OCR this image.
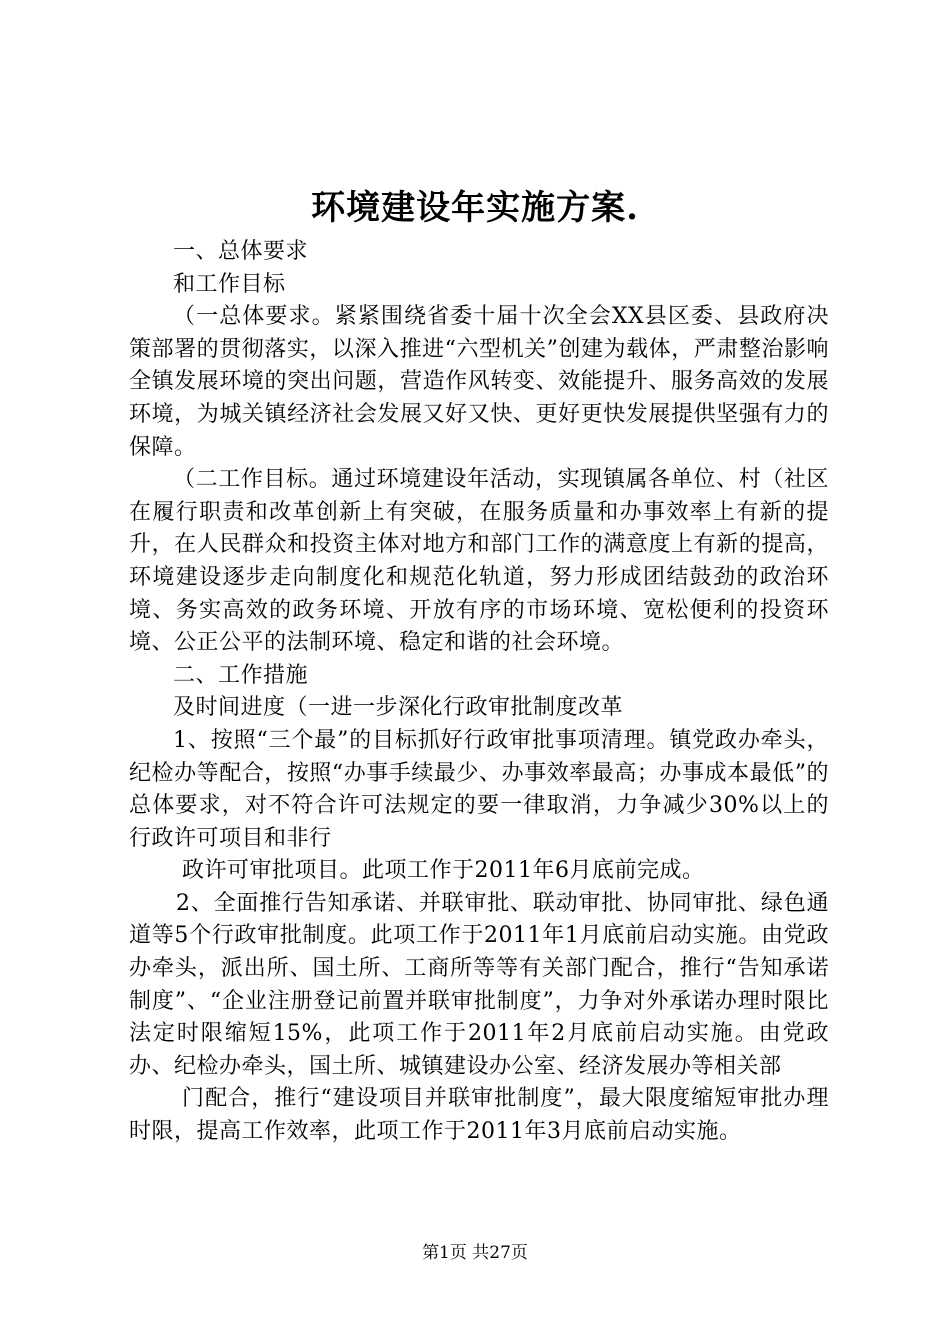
环境建设年实施方案.

一、总体要求

和工作目标

（一总体要求。紧紧围绕省委十届十次全会XX县区委、县政府决策部署的贯彻落实，以深入推进“六型机关”创建为载体，严肃整治影响全镇发展环境的突出问题，营造作风转变、效能提升、服务高效的发展环境，为城关镇经济社会发展又好又快、更好更快发展提供坚强有力的保障。

（二工作目标。通过环境建设年活动，实现镇属各单位、村（社区在履行职责和改革创新上有突破，在服务质量和办事效率上有新的提升，在人民群众和投资主体对地方和部门工作的满意度上有新的提高，环境建设逐步走向制度化和规范化轨道，努力形成团结鼓劲的政治环境、务实高效的政务环境、开放有序的市场环境、宽松便利的投资环境、公正公平的法制环境、稳定和谐的社会环境。

二、工作措施

及时间进度（一进一步深化行政审批制度改革

1、按照“三个最”的目标抓好行政审批事项清理。镇党政办牵头，纪检办等配合，按照“办事手续最少、办事效率最高；办事成本最低”的总体要求，对不符合许可法规定的要一律取消，力争减少30%以上的行政许可项目和非行

政许可审批项目。此项工作于2011年6月底前完成。

2、全面推行告知承诺、并联审批、联动审批、协同审批、绿色通道等5个行政审批制度。此项工作于2011年1月底前启动实施。由党政办牵头，派出所、国土所、工商所等等有关部门配合，推行“告知承诺制度”、“企业注册登记前置并联审批制度”，力争对外承诺办理时限比法定时限缩短15%，此项工作于2011年2月底前启动实施。由党政办、纪检办牵头，国土所、城镇建设办公室、经济发展办等相关部

门配合，推行“建设项目并联审批制度”，最大限度缩短审批办理时限，提高工作效率，此项工作于2011年3月底前启动实施。

第1页 共27页
